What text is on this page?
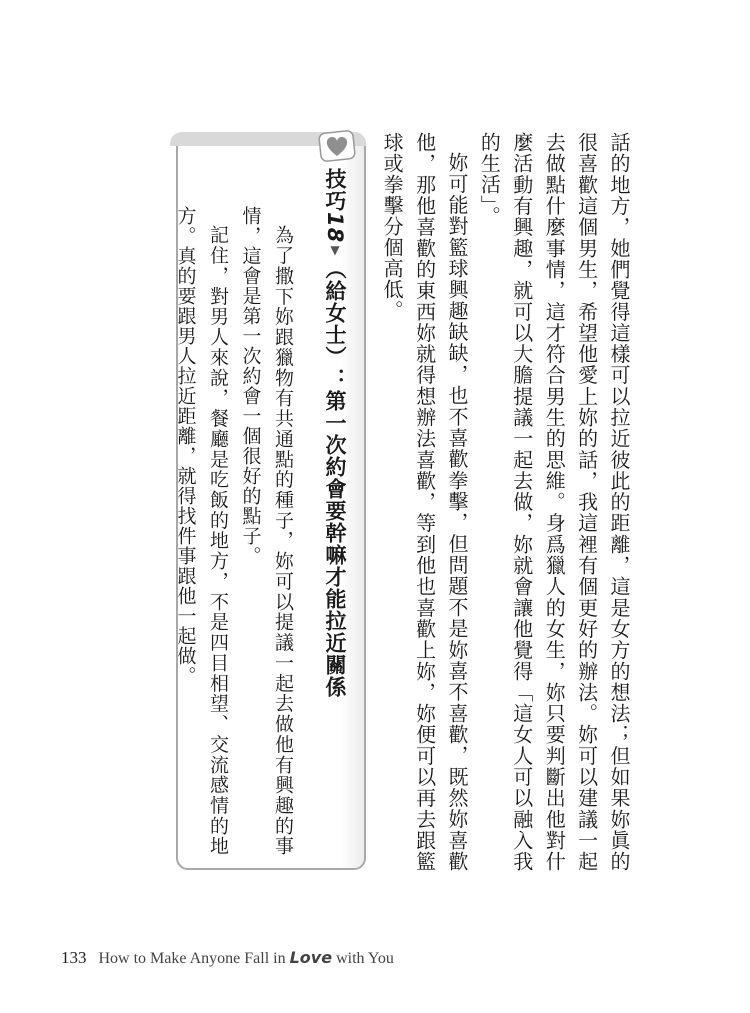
話的地方，她們覺得這樣可以拉近彼此的距離，這是女方的想法；但如果妳眞的很喜歡這個男生，希望他愛上妳的話，我這裡有個更好的辦法。妳可以建議一起去做點什麼事情，這才符合男生的思維。身爲獵人的女生，妳只要判斷出他對什麼活動有興趣，就可以大膽提議一起去做，妳就會讓他覺得「這女人可以融入我的生活」。

妳可能對籃球興趣缺缺，也不喜歡拳擊，但問題不是妳喜不喜歡，既然妳喜歡他，那他喜歡的東西妳就得想辦法喜歡，等到他也喜歡上妳，妳便可以再去跟籃球或拳擊分個高低。

技巧18▼（給女士）：第一次約會要幹嘛才能拉近關係

為了撒下妳跟獵物有共通點的種子，妳可以提議一起去做他有興趣的事情，這會是第一次約會一個很好的點子。

記住，對男人來說，餐廳是吃飯的地方，不是四目相望、交流感情的地方。真的要跟男人拉近距離，就得找件事跟他一起做。

133 How to Make Anyone Fall in Love with You
